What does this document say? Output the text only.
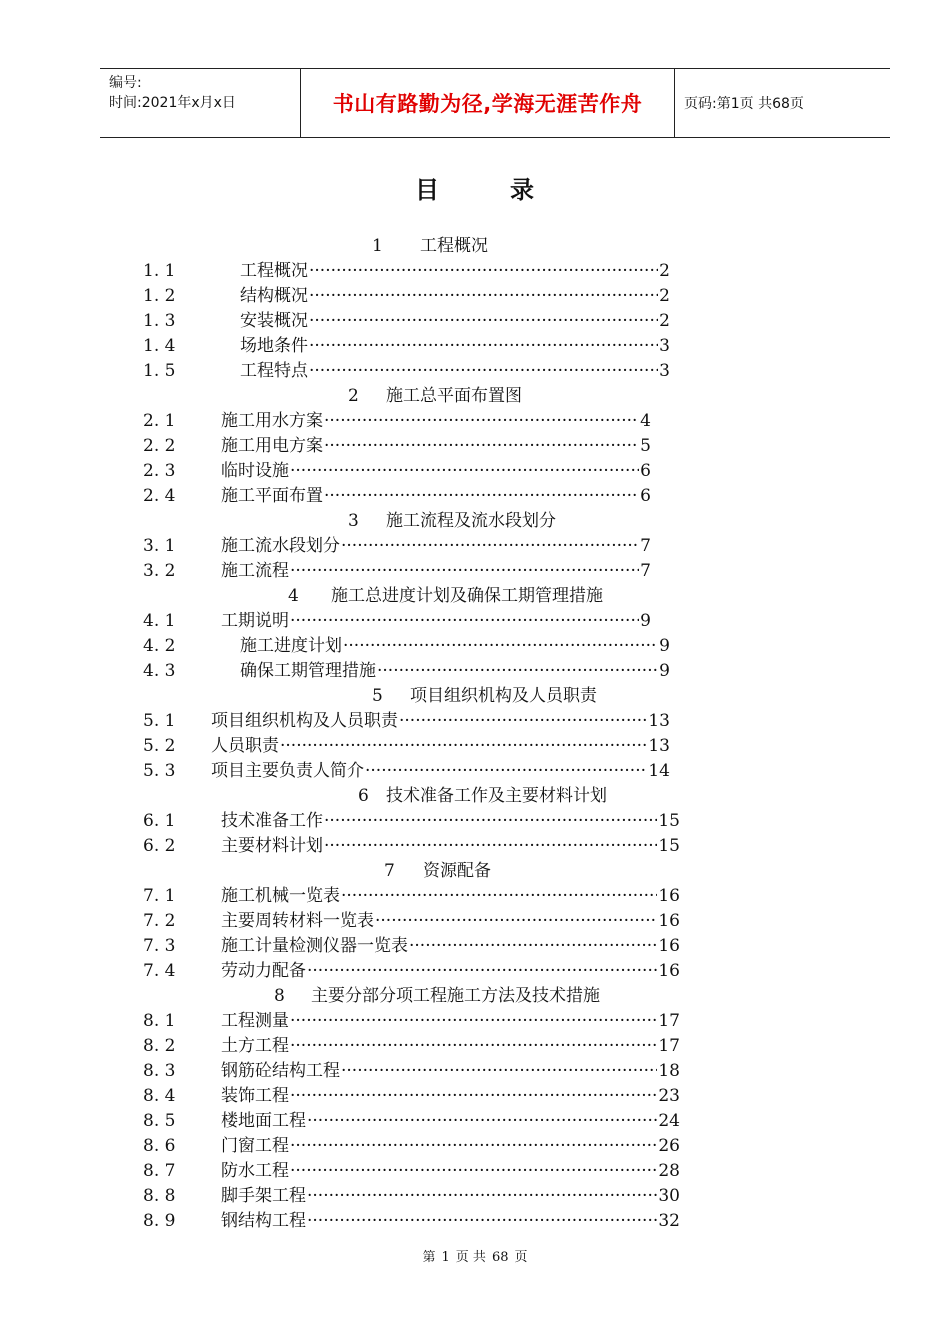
编号:
时间:2021年x月x日	书山有路勤为径,学海无涯苦作舟	页码:第1页 共68页
目	录
1 工程概况
1. 1	工程概况 ·····	2
1. 2	结构概况 ·····	2
1. 3	安装概况 ·····	2
1. 4	场地条件 ·····	3
1. 5	工程特点 ·····	3
2 施工总平面布置图
2. 1	施工用水方案 ·····	4
2. 2	施工用电方案 ·····	5
2. 3	临时设施 ·····	6
2. 4	施工平面布置 ·····	6
3 施工流程及流水段划分
3. 1	施工流水段划分 ·····	7
3. 2	施工流程 ·····	7
4 施工总进度计划及确保工期管理措施
4. 1	工期说明 ·····	9
4. 2	施工进度计划 ·····	9
4. 3	确保工期管理措施 ·····	9
5 项目组织机构及人员职责
5. 1 项目组织机构及人员职责 ·····	13
5. 2 人员职责 ·····	13
5. 3 项目主要负责人简介 ·····	14
6 技术准备工作及主要材料计划
6. 1	技术准备工作 ·····	15
6. 2	主要材料计划 ·····	15
7 资源配备
7. 1	施工机械一览表 ·····	16
7. 2	主要周转材料一览表 ·····	16
7. 3	施工计量检测仪器一览表 ·····	16
7. 4	劳动力配备 ·····	16
8 主要分部分项工程施工方法及技术措施
8. 1	工程测量 ·····	17
8. 2	土方工程 ·····	17
8. 3	钢筋砼结构工程 ·····	18
8. 4	装饰工程 ·····	23
8. 5	楼地面工程 ·····	24
8. 6	门窗工程 ·····	26
8. 7	防水工程 ·····	28
8. 8	脚手架工程 ·····	30
8. 9	钢结构工程 ·····	32
第 1 页 共 68 页
